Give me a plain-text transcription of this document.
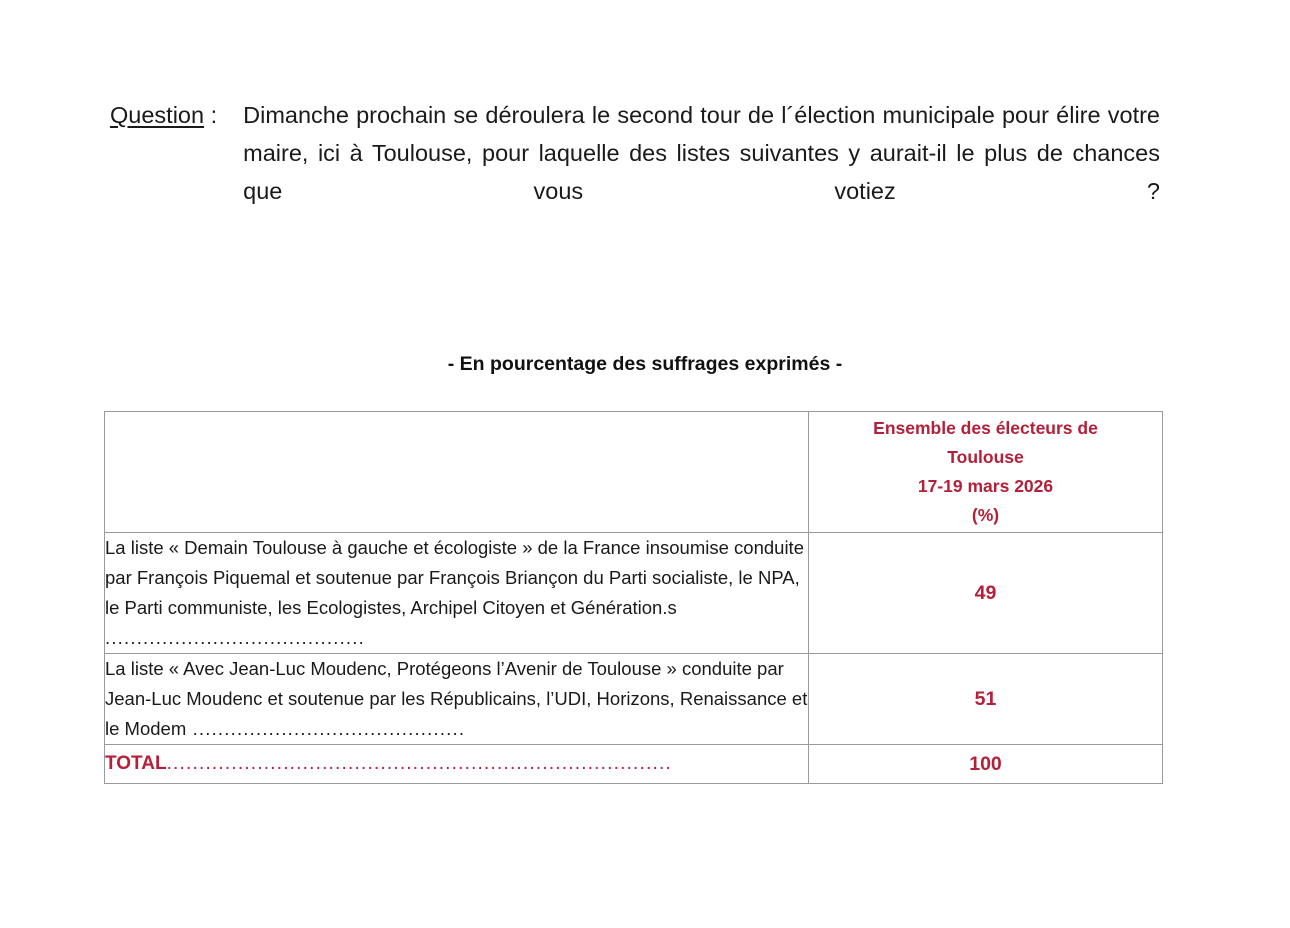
Question :	Dimanche prochain se déroulera le second tour de l´élection municipale pour élire votre maire, ici à Toulouse, pour laquelle des listes suivantes y aurait-il le plus de chances que vous votiez ?
- En pourcentage des suffrages exprimés -

	Ensemble des électeurs de
Toulouse
17-19 mars 2026
(%)

La liste « Demain Toulouse à gauche et écologiste » de la France insoumise conduite par François Piquemal et soutenue par François Briançon du Parti socialiste, le NPA, le Parti communiste, les Ecologistes, Archipel Citoyen et Génération.s .........................................	49
La liste « Avec Jean-Luc Moudenc, Protégeons l’Avenir de Toulouse » conduite par Jean-Luc Moudenc et soutenue par les Républicains, l’UDI, Horizons, Renaissance et le Modem ...........................................	51
TOTAL..............................................................................	100
